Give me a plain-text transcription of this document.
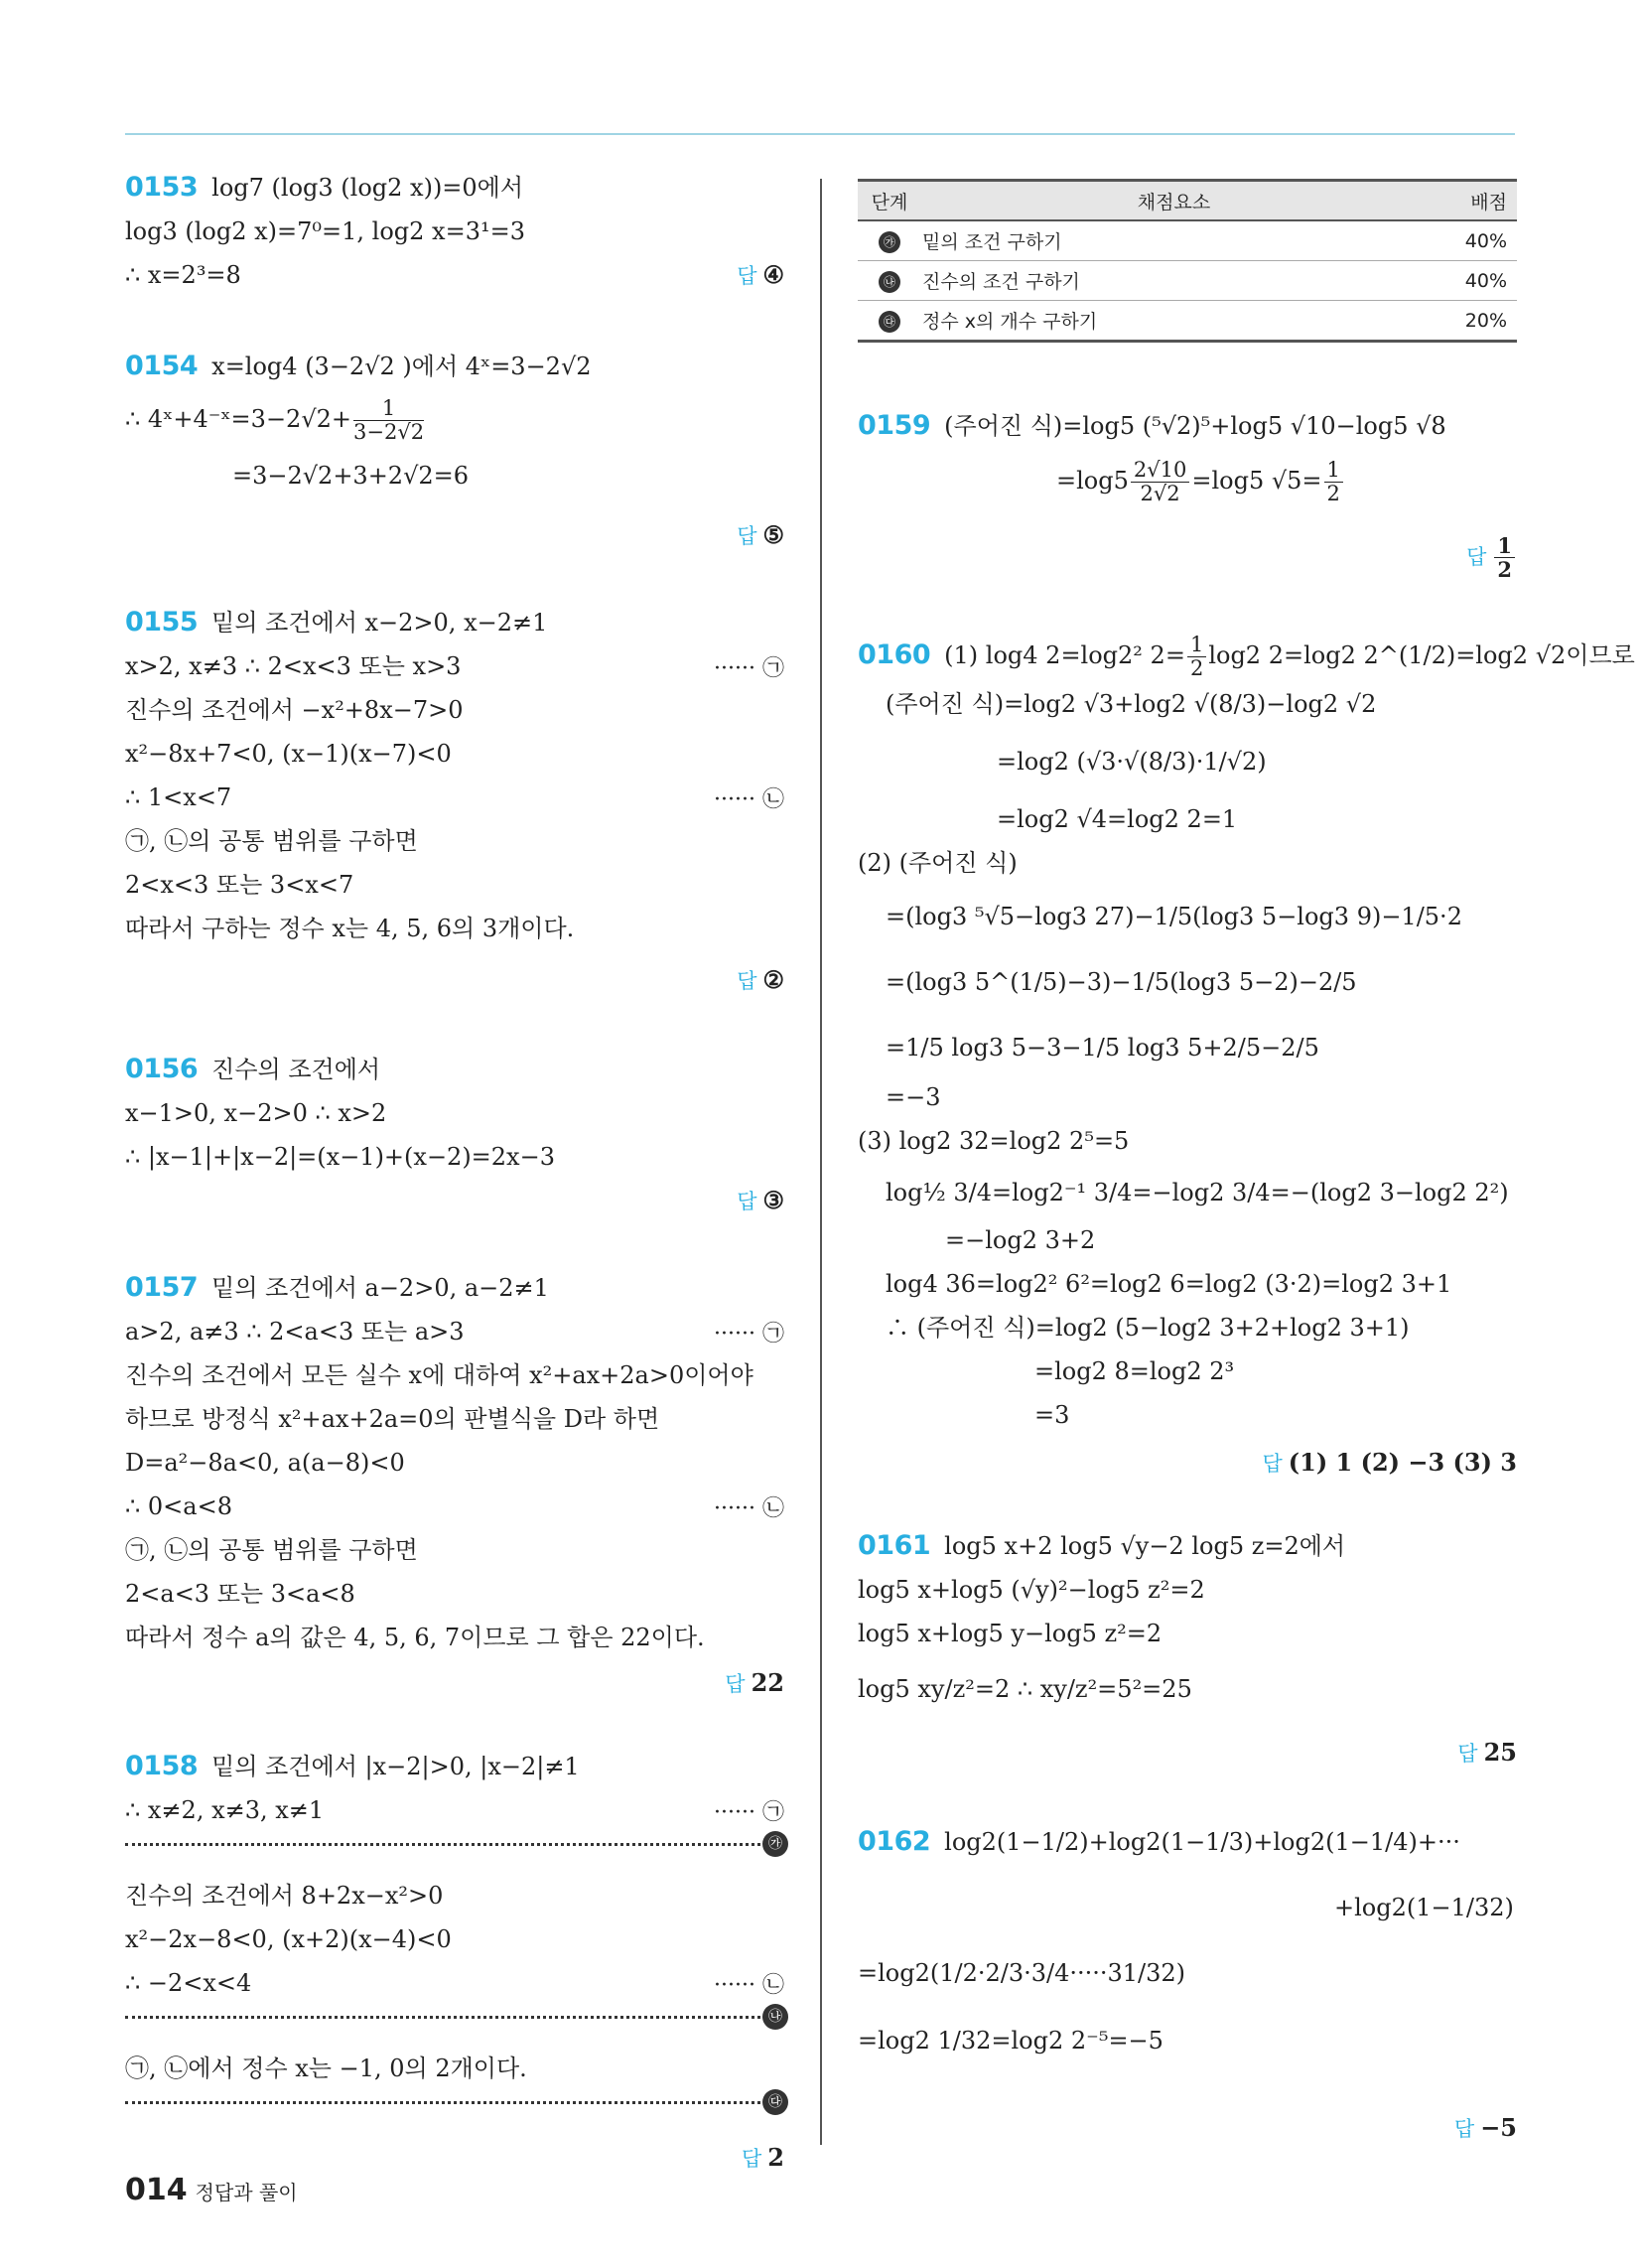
0153 log7 (log3 (log2 x))=0에서
log3 (log2 x)=7⁰=1, log2 x=3¹=3
∴ x=2³=8	답 ④
0154 x=log4 (3−2√2 )에서 4ˣ=3−2√2
∴ 4ˣ+4⁻ˣ=3−2√2+ $\frac{1}{3-2√2}$
=3−2√2+3+2√2=6
답 ⑤
0155 밑의 조건에서 x−2>0, x−2≠1
x>2, x≠3 ∴ 2<x<3 또는 x>3	······ ㉠
진수의 조건에서 −x²+8x−7>0
x²−8x+7<0, (x−1)(x−7)<0
∴ 1<x<7	······ ㉡
㉠, ㉡의 공통 범위를 구하면
2<x<3 또는 3<x<7
따라서 구하는 정수 x는 4, 5, 6의 3개이다.
답 ②
0156 진수의 조건에서
x−1>0, x−2>0 ∴ x>2
∴ |x−1|+|x−2|=(x−1)+(x−2)=2x−3
답 ③
0157 밑의 조건에서 a−2>0, a−2≠1
a>2, a≠3 ∴ 2<a<3 또는 a>3	······ ㉠
진수의 조건에서 모든 실수 x에 대하여 x²+ax+2a>0이어야
하므로 방정식 x²+ax+2a=0의 판별식을 D라 하면
D=a²−8a<0, a(a−8)<0
∴ 0<a<8	······ ㉡
㉠, ㉡의 공통 범위를 구하면
2<a<3 또는 3<a<8
따라서 정수 a의 값은 4, 5, 6, 7이므로 그 합은 22이다.
답 22
0158 밑의 조건에서 |x−2|>0, |x−2|≠1
∴ x≠2, x≠3, x≠1	······ ㉠
㉮
진수의 조건에서 8+2x−x²>0
x²−2x−8<0, (x+2)(x−4)<0
∴ −2<x<4	······ ㉡
㉯
㉠, ㉡에서 정수 x는 −1, 0의 2개이다.
㉰
답 2
단계	채점요소	배점
㉮	밑의 조건 구하기	40%
㉯	진수의 조건 구하기	40%
㉰	정수 x의 개수 구하기	20%
0159 (주어진 식)=log5 (⁵√2)⁵+log5 √10−log5 √8
$=\log 5 \frac{2√10}{2√2} =\log 5$ $√5= \frac{1}{2}$
답 $\frac{1}{2}$
0160 (1) log4 2=log2² $2= \frac{1}{2} \log 2$ 2=log2 2^(1/2)=log2 √2이므로
(주어진 식)=log2 √3+log2 √(8/3)−log2 √2
=log2 (√3·√(8/3)·1/√2)
=log2 √4=log2 2=1
(2) (주어진 식)
=(log3 ⁵√5−log3 27)−1/5(log3 5−log3 9)−1/5·2
=(log3 5^(1/5)−3)−1/5(log3 5−2)−2/5
=1/5 log3 5−3−1/5 log3 5+2/5−2/5
=−3
(3) log2 32=log2 2⁵=5
log½ 3/4=log2⁻¹ 3/4=−log2 3/4=−(log2 3−log2 2²)
=−log2 3+2
log4 36=log2² 6²=log2 6=log2 (3·2)=log2 3+1
∴ (주어진 식)=log2 (5−log2 3+2+log2 3+1)
=log2 8=log2 2³
=3
답 (1) 1 (2) −3 (3) 3
0161 log5 x+2 log5 √y−2 log5 z=2에서
log5 x+log5 (√y)²−log5 z²=2
log5 x+log5 y−log5 z²=2
log5 xy/z²=2 ∴ xy/z²=5²=25
답 25
0162 log2(1−1/2)+log2(1−1/3)+log2(1−1/4)+···
+log2(1−1/32)
=log2(1/2·2/3·3/4·····31/32)
=log2 1/32=log2 2⁻⁵=−5
답 −5
014 정답과 풀이
